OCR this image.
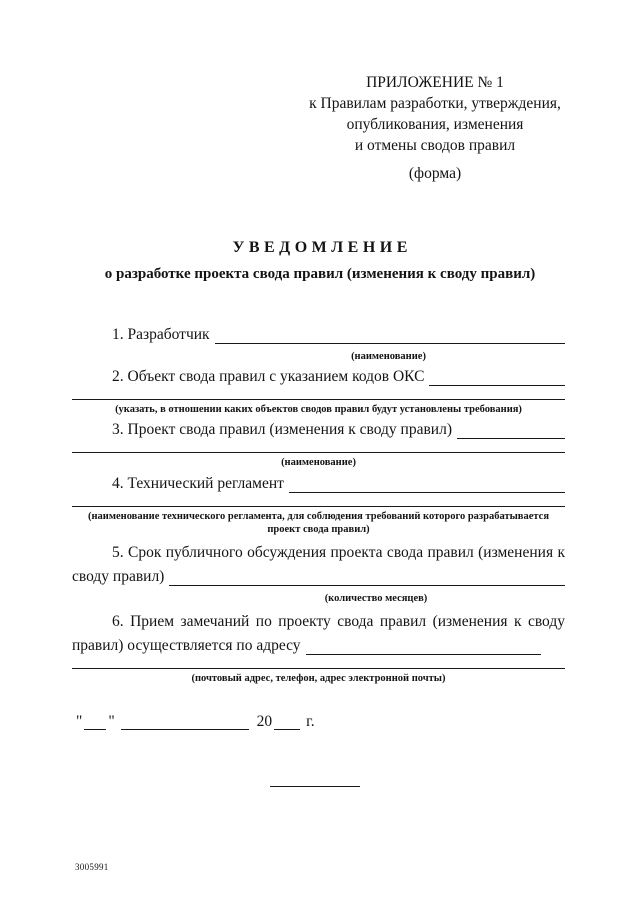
ПРИЛОЖЕНИЕ № 1
к Правилам разработки, утверждения,
опубликования, изменения
и отмены сводов правил
(форма)
УВЕДОМЛЕНИЕ
о разработке проекта свода правил (изменения к своду правил)
1. Разработчик
(наименование)
2. Объект свода правил с указанием кодов ОКС
(указать, в отношении каких объектов сводов правил будут установлены требования)
3. Проект свода правил (изменения к своду правил)
(наименование)
4. Технический регламент
(наименование технического регламента, для соблюдения требований которого разрабатывается проект свода правил)
5. Срок публичного обсуждения проекта свода правил (изменения к
своду правил)
(количество месяцев)
6. Прием замечаний по проекту свода правил (изменения к своду
правил) осуществляется по адресу
(почтовый адрес, телефон, адрес электронной почты)
" "	20 г.
3005991
